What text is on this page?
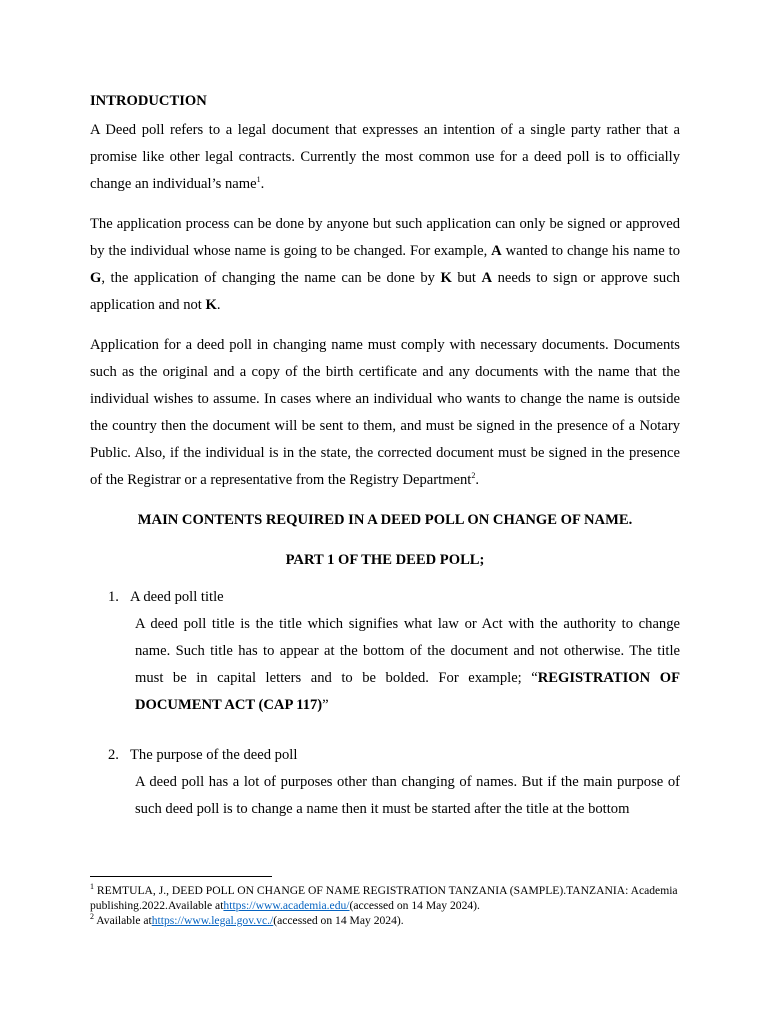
INTRODUCTION

A Deed poll refers to a legal document that expresses an intention of a single party rather that a promise like other legal contracts. Currently the most common use for a deed poll is to officially change an individual’s name$^1$.

The application process can be done by anyone but such application can only be signed or approved by the individual whose name is going to be changed. For example, A wanted to change his name to G, the application of changing the name can be done by K but A needs to sign or approve such application and not K.

Application for a deed poll in changing name must comply with necessary documents. Documents such as the original and a copy of the birth certificate and any documents with the name that the individual wishes to assume. In cases where an individual who wants to change the name is outside the country then the document will be sent to them, and must be signed in the presence of a Notary Public. Also, if the individual is in the state, the corrected document must be signed in the presence of the Registrar or a representative from the Registry Department$^2$.

MAIN CONTENTS REQUIRED IN A DEED POLL ON CHANGE OF NAME.

PART 1 OF THE DEED POLL;

1. A deed poll title

A deed poll title is the title which signifies what law or Act with the authority to change name. Such title has to appear at the bottom of the document and not otherwise. The title must be in capital letters and to be bolded. For example; “REGISTRATION OF DOCUMENT ACT (CAP 117)”

2. The purpose of the deed poll

A deed poll has a lot of purposes other than changing of names. But if the main purpose of such deed poll is to change a name then it must be started after the title at the bottom

$^1$ REMTULA, J., DEED POLL ON CHANGE OF NAME REGISTRATION TANZANIA (SAMPLE).TANZANIA: Academia publishing.2022.Available athttps://www.academia.edu/(accessed on 14 May 2024).

$^2$ Available athttps://www.legal.gov.vc./(accessed on 14 May 2024).
